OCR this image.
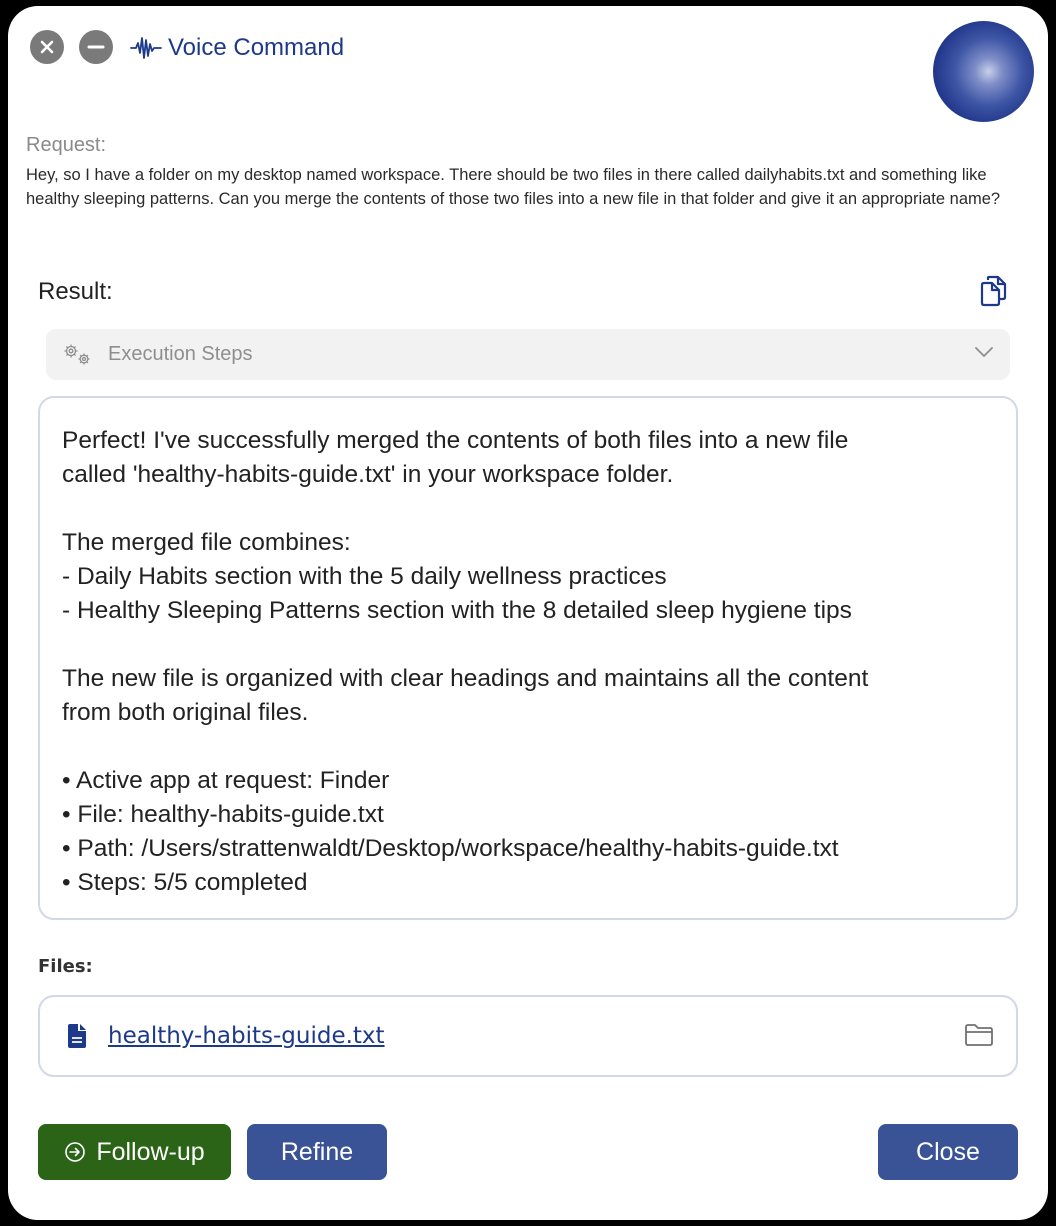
Voice Command
Request:
Hey, so I have a folder on my desktop named workspace. There should be two files in there called dailyhabits.txt and something like healthy sleeping patterns. Can you merge the contents of those two files into a new file in that folder and give it an appropriate name?
Result:
Execution Steps

Perfect! I've successfully merged the contents of both files into a new file

called 'healthy-habits-guide.txt' in your workspace folder.

The merged file combines:

- Daily Habits section with the 5 daily wellness practices

- Healthy Sleeping Patterns section with the 8 detailed sleep hygiene tips

The new file is organized with clear headings and maintains all the content

from both original files.

• Active app at request: Finder

• File: healthy-habits-guide.txt

• Path: /Users/strattenwaldt/Desktop/workspace/healthy-habits-guide.txt

• Steps: 5/5 completed

Files:
healthy-habits-guide.txt
Follow-up	Refine	Close
